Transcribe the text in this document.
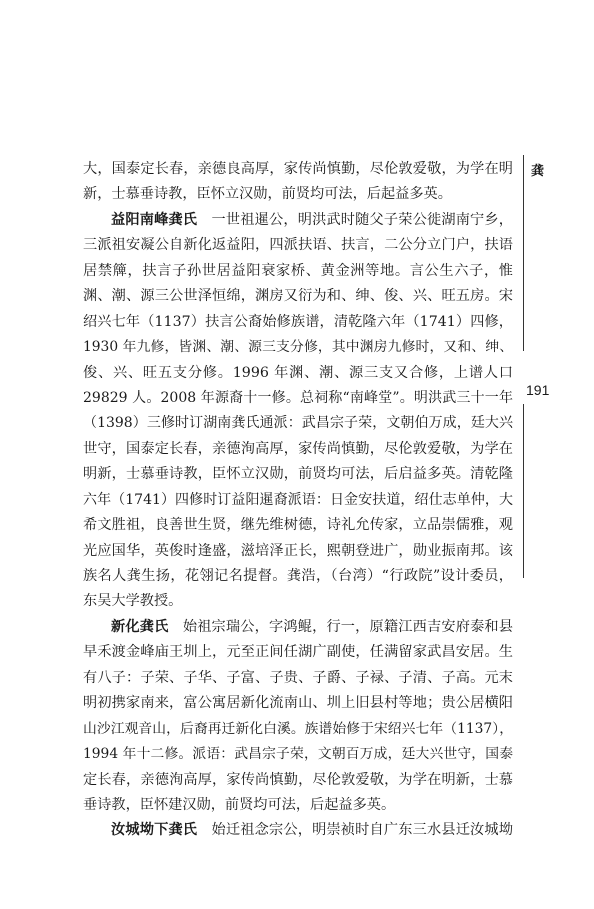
大，国泰定长春，亲德良高厚，家传尚慎勤，尽伦敦爱敬，为学在明
新，士慕垂诗教，臣怀立汉勋，前贤均可法，后起益多英。
益阳南峰龚氏　 一世祖暹公，明洪武时随父子荣公徙湖南宁乡，
三派祖安凝公自新化返益阳，四派扶语、扶言，二公分立门户，扶语
居禁簰，扶言子孙世居益阳衰家桥、黄金洲等地。言公生六子，惟
渊、潮、源三公世泽恒绵，渊房又衍为和、绅、俊、兴、旺五房。宋
绍兴七年（1137）扶言公裔始修族谱，清乾隆六年（1741）四修，
1930 年九修，皆渊、潮、源三支分修，其中渊房九修时，又和、绅、
俊、兴、旺五支分修。1996 年渊、潮、源三支又合修，上谱人口
29829 人。2008 年源裔十一修。总祠称“南峰堂”。明洪武三十一年
（1398）三修时订湖南龚氏通派：武昌宗子荣，文朝伯万成，廷大兴
世守，国泰定长春，亲德洵高厚，家传尚慎勤，尽伦敦爱敬，为学在
明新，士慕垂诗教，臣怀立汉勋，前贤均可法，后启益多英。清乾隆
六年（1741）四修时订益阳暹裔派语：日金安扶道，绍仕志单仲，大
希文胜祖，良善世生贤，继先维树德，诗礼允传家，立品崇儒雅，观
光应国华，英俊时逢盛，滋培泽正长，熙朝登进广，勋业振南邦。该
族名人龚生扬，花翎记名提督。龚浩，（台湾）“行政院”设计委员，
东吴大学教授。
新化龚氏　 始祖宗瑞公，字鸿鲲，行一，原籍江西吉安府泰和县
早禾渡金峰庙王圳上，元至正间任湖广副使，任满留家武昌安居。生
有八子：子荣、子华、子富、子贵、子爵、子禄、子清、子高。元末
明初携家南来，富公寓居新化流南山、圳上旧县村等地；贵公居横阳
山沙江观音山，后裔再迁新化白溪。族谱始修于宋绍兴七年（1137），
1994 年十二修。派语：武昌宗子荣，文朝百万成，廷大兴世守，国泰
定长春，亲德洵高厚，家传尚慎勤，尽伦敦爱敬，为学在明新，士慕
垂诗教，臣怀建汉勋，前贤均可法，后起益多英。
汝城坳下龚氏　 始迁祖念宗公，明崇祯时自广东三水县迁汝城坳
龚
191
